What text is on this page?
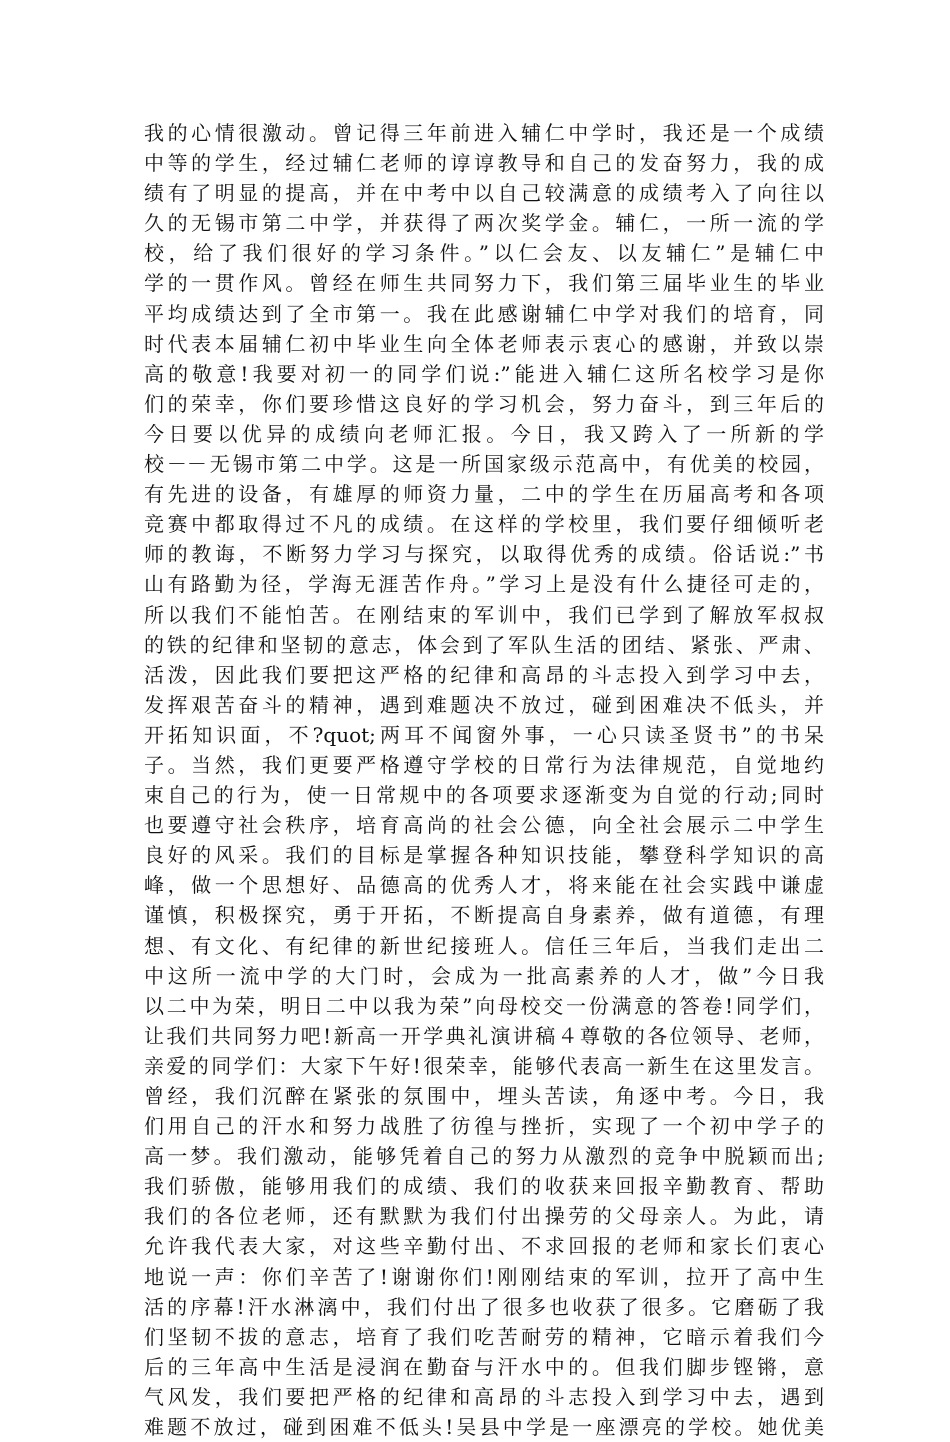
我的心情很激动。曾记得三年前进入辅仁中学时，我还是一个成绩
中等的学生，经过辅仁老师的谆谆教导和自己的发奋努力，我的成
绩有了明显的提高，并在中考中以自己较满意的成绩考入了向往以
久的无锡市第二中学，并获得了两次奖学金。辅仁，一所一流的学
校，给了我们很好的学习条件。”以仁会友、以友辅仁”是辅仁中
学的一贯作风。曾经在师生共同努力下，我们第三届毕业生的毕业
平均成绩达到了全市第一。我在此感谢辅仁中学对我们的培育，同
时代表本届辅仁初中毕业生向全体老师表示衷心的感谢，并致以崇
高的敬意!我要对初一的同学们说:”能进入辅仁这所名校学习是你
们的荣幸，你们要珍惜这良好的学习机会，努力奋斗，到三年后的
今日要以优异的成绩向老师汇报。今日，我又跨入了一所新的学
校－－无锡市第二中学。这是一所国家级示范高中，有优美的校园，
有先进的设备，有雄厚的师资力量，二中的学生在历届高考和各项
竞赛中都取得过不凡的成绩。在这样的学校里，我们要仔细倾听老
师的教诲，不断努力学习与探究，以取得优秀的成绩。俗话说:”书
山有路勤为径，学海无涯苦作舟。”学习上是没有什么捷径可走的，
所以我们不能怕苦。在刚结束的军训中，我们已学到了解放军叔叔
的铁的纪律和坚韧的意志，体会到了军队生活的团结、紧张、严肃、
活泼，因此我们要把这严格的纪律和高昂的斗志投入到学习中去，
发挥艰苦奋斗的精神，遇到难题决不放过，碰到困难决不低头，并
开拓知识面，不?quot;两耳不闻窗外事，一心只读圣贤书”的书呆
子。当然，我们更要严格遵守学校的日常行为法律规范，自觉地约
束自己的行为，使一日常规中的各项要求逐渐变为自觉的行动;同时
也要遵守社会秩序，培育高尚的社会公德，向全社会展示二中学生
良好的风采。我们的目标是掌握各种知识技能，攀登科学知识的高
峰，做一个思想好、品德高的优秀人才，将来能在社会实践中谦虚
谨慎，积极探究，勇于开拓，不断提高自身素养，做有道德，有理
想、有文化、有纪律的新世纪接班人。信任三年后，当我们走出二
中这所一流中学的大门时，会成为一批高素养的人才，做”今日我
以二中为荣，明日二中以我为荣”向母校交一份满意的答卷!同学们，
让我们共同努力吧!新高一开学典礼演讲稿４尊敬的各位领导、老师，
亲爱的同学们：大家下午好!很荣幸，能够代表高一新生在这里发言。
曾经，我们沉醉在紧张的氛围中，埋头苦读，角逐中考。今日，我
们用自己的汗水和努力战胜了彷徨与挫折，实现了一个初中学子的
高一梦。我们激动，能够凭着自己的努力从激烈的竞争中脱颖而出;
我们骄傲，能够用我们的成绩、我们的收获来回报辛勤教育、帮助
我们的各位老师，还有默默为我们付出操劳的父母亲人。为此，请
允许我代表大家，对这些辛勤付出、不求回报的老师和家长们衷心
地说一声：你们辛苦了!谢谢你们!刚刚结束的军训，拉开了高中生
活的序幕!汗水淋漓中，我们付出了很多也收获了很多。它磨砺了我
们坚韧不拔的意志，培育了我们吃苦耐劳的精神，它暗示着我们今
后的三年高中生活是浸润在勤奋与汗水中的。但我们脚步铿锵，意
气风发，我们要把严格的纪律和高昂的斗志投入到学习中去，遇到
难题不放过，碰到困难不低头!吴县中学是一座漂亮的学校。她优美
